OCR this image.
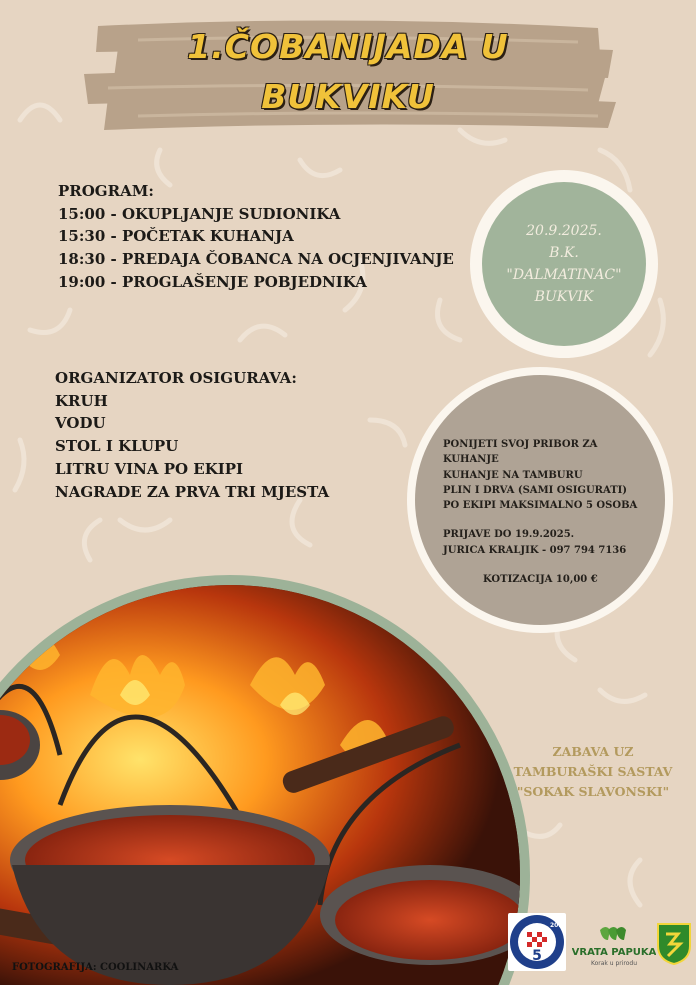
1.ČOBANIJADA U
BUKVIKU
PROGRAM:
15:00 - OKUPLJANJE SUDIONIKA
15:30 - POČETAK KUHANJA
18:30 - PREDAJA ČOBANCA NA OCJENJIVANJE
19:00 - PROGLAŠENJE POBJEDNIKA
20.9.2025.
B.K.
"DALMATINAC"
BUKVIK
ORGANIZATOR OSIGURAVA:
KRUH
VODU
STOL I KLUPU
LITRU VINA PO EKIPI
NAGRADE ZA PRVA TRI MJESTA
PONIJETI SVOJ PRIBOR ZA KUHANJE
KUHANJE NA TAMBURU
PLIN I DRVA (SAMI OSIGURATI)
PO EKIPI MAKSIMALNO 5 OSOBA
PRIJAVE DO 19.9.2025.
JURICA KRALJIK - 097 794 7136
KOTIZACIJA 10,00 €
ZABAVA UZ
TAMBURAŠKI SASTAV
"SOKAK SLAVONSKI"
FOTOGRAFIJA: COOLINARKA
5
2015
VRATA PAPUKA
Korak u prirodu
